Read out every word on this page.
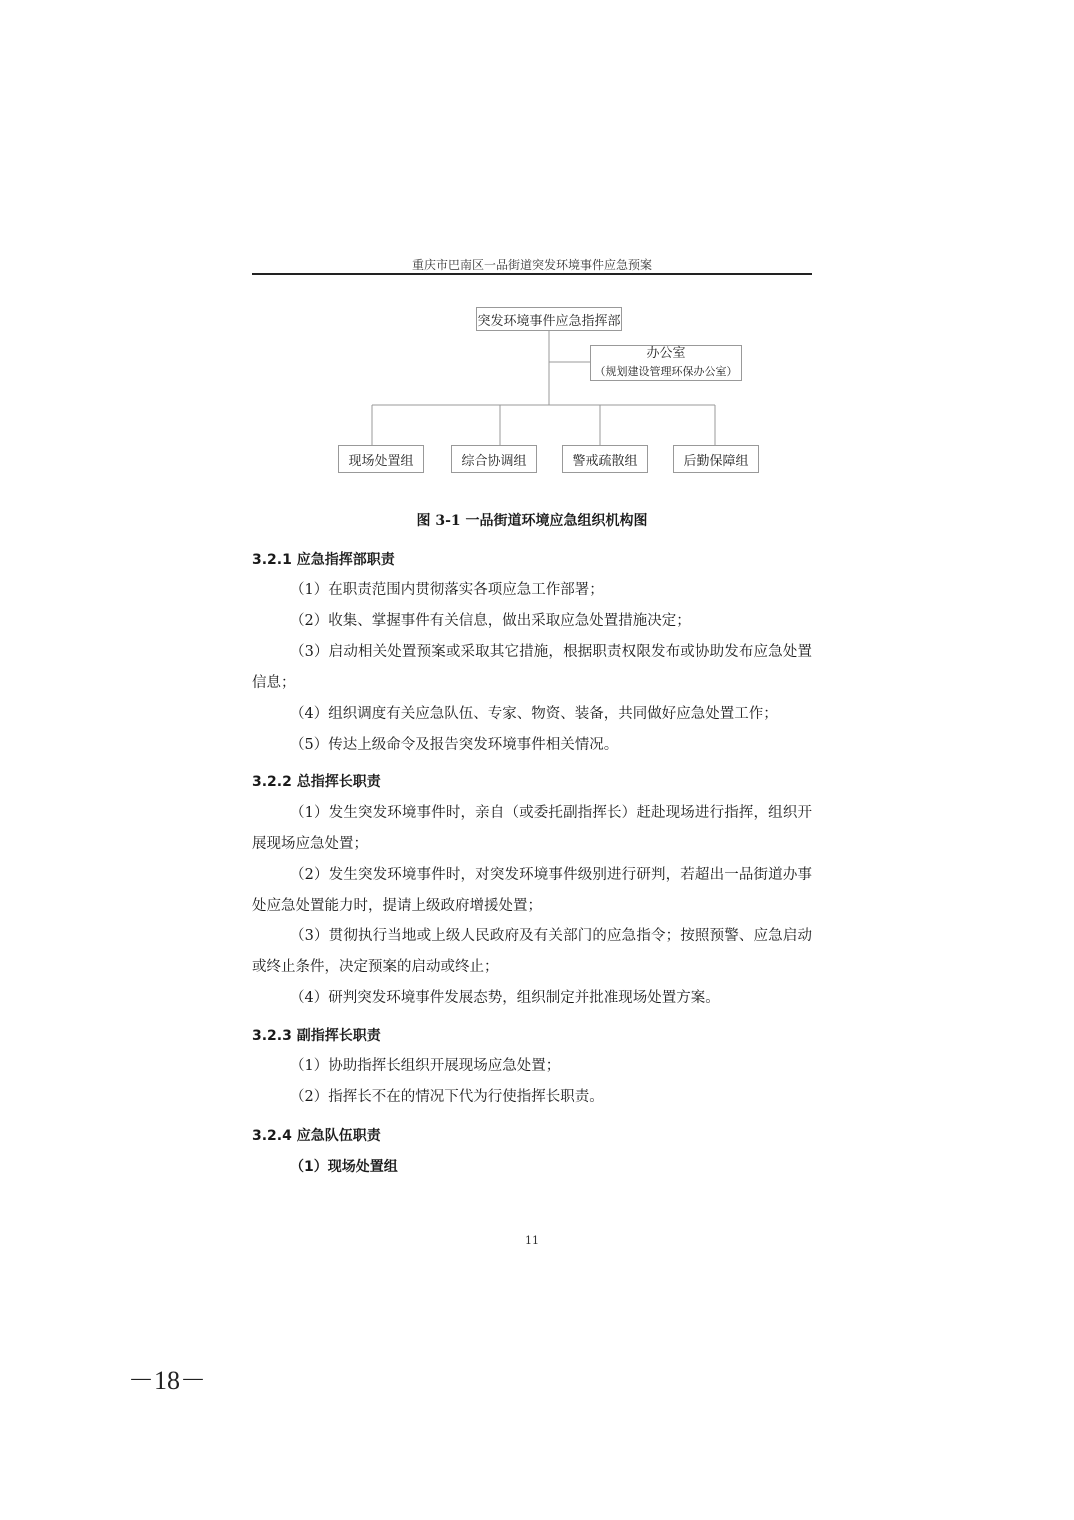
重庆市巴南区一品街道突发环境事件应急预案
突发环境事件应急指挥部
办公室
（规划建设管理环保办公室）
现场处置组	综合协调组	警戒疏散组	后勤保障组
图 3-1 一品街道环境应急组织机构图
3.2.1 应急指挥部职责

（1）在职责范围内贯彻落实各项应急工作部署；

（2）收集、掌握事件有关信息，做出采取应急处置措施决定；

（3）启动相关处置预案或采取其它措施，根据职责权限发布或协助发布应急处置信息；

（4）组织调度有关应急队伍、专家、物资、装备，共同做好应急处置工作；

（5）传达上级命令及报告突发环境事件相关情况。

3.2.2 总指挥长职责

（1）发生突发环境事件时，亲自（或委托副指挥长）赶赴现场进行指挥，组织开展现场应急处置；

（2）发生突发环境事件时，对突发环境事件级别进行研判，若超出一品街道办事处应急处置能力时，提请上级政府增援处置；

（3）贯彻执行当地或上级人民政府及有关部门的应急指令；按照预警、应急启动或终止条件，决定预案的启动或终止；

（4）研判突发环境事件发展态势，组织制定并批准现场处置方案。

3.2.3 副指挥长职责

（1）协助指挥长组织开展现场应急处置；

（2）指挥长不在的情况下代为行使指挥长职责。

3.2.4 应急队伍职责
（1）现场处置组
11
－18－
